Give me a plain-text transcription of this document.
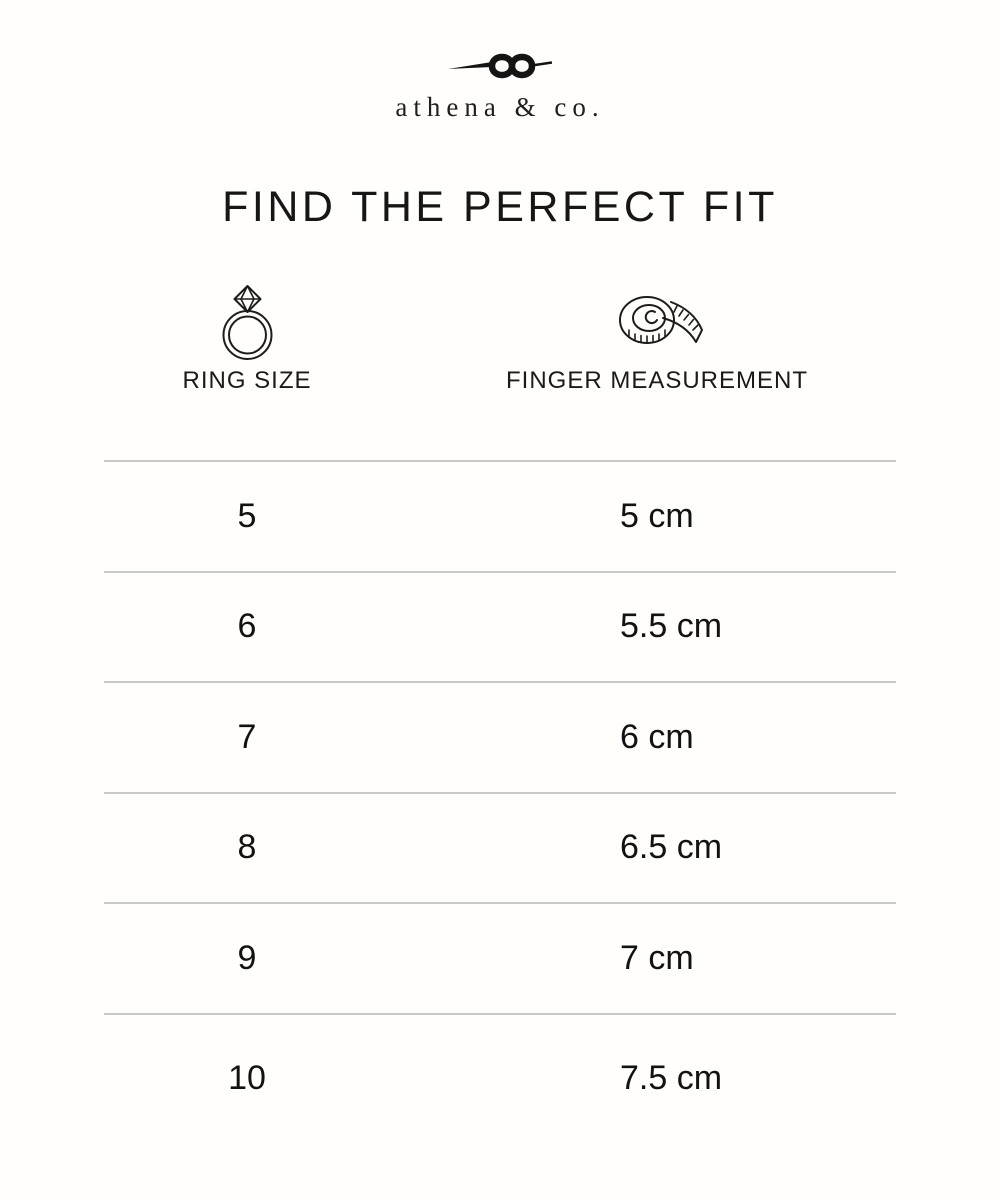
athena & co.
FIND THE PERFECT FIT
RING SIZE	FINGER MEASUREMENT
5	5 cm
6	5.5 cm
7	6 cm
8	6.5 cm
9	7 cm
10	7.5 cm
